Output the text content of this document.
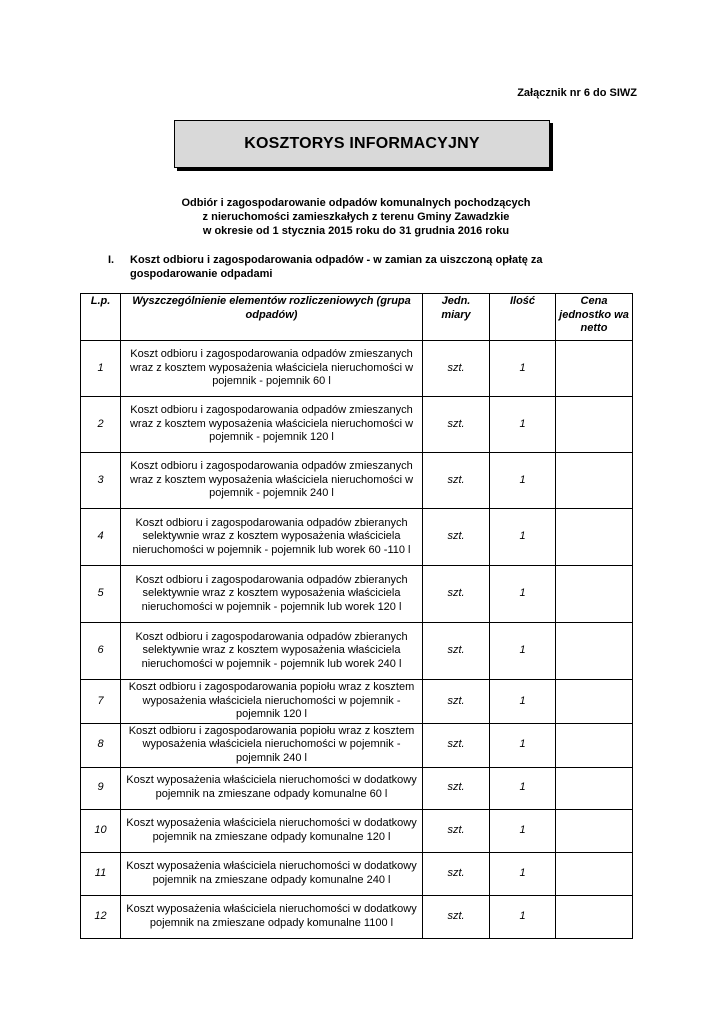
Załącznik nr 6 do SIWZ
KOSZTORYS INFORMACYJNY
Odbiór i zagospodarowanie odpadów komunalnych pochodzących
z nieruchomości zamieszkałych z terenu Gminy Zawadzkie
w okresie od 1 stycznia 2015 roku do 31 grudnia 2016 roku
I.	Koszt odbioru i zagospodarowania odpadów - w zamian za uiszczoną opłatę za gospodarowanie odpadami
L.p.	Wyszczególnienie elementów rozliczeniowych (grupa odpadów)	Jedn. miary	Ilość	Cena jednostko wa netto
1	Koszt odbioru i zagospodarowania odpadów zmieszanych wraz z kosztem wyposażenia właściciela nieruchomości w pojemnik - pojemnik 60 l	szt.	1	
2	Koszt odbioru i zagospodarowania odpadów zmieszanych wraz z kosztem wyposażenia właściciela nieruchomości w pojemnik - pojemnik 120 l	szt.	1	
3	Koszt odbioru i zagospodarowania odpadów zmieszanych wraz z kosztem wyposażenia właściciela nieruchomości w pojemnik - pojemnik 240 l	szt.	1	
4	Koszt odbioru i zagospodarowania odpadów zbieranych selektywnie wraz z kosztem wyposażenia właściciela nieruchomości w pojemnik - pojemnik lub worek 60 -110 l	szt.	1	
5	Koszt odbioru i zagospodarowania odpadów zbieranych selektywnie wraz z kosztem wyposażenia właściciela nieruchomości w pojemnik - pojemnik lub worek 120 l	szt.	1	
6	Koszt odbioru i zagospodarowania odpadów zbieranych selektywnie wraz z kosztem wyposażenia właściciela nieruchomości w pojemnik - pojemnik lub worek 240 l	szt.	1	
7	Koszt odbioru i zagospodarowania popiołu wraz z kosztem wyposażenia właściciela nieruchomości w pojemnik - pojemnik 120 l	szt.	1	
8	Koszt odbioru i zagospodarowania popiołu wraz z kosztem wyposażenia właściciela nieruchomości w pojemnik - pojemnik 240 l	szt.	1	
9	Koszt wyposażenia właściciela nieruchomości w dodatkowy pojemnik na zmieszane odpady komunalne 60 l	szt.	1	
10	Koszt wyposażenia właściciela nieruchomości w dodatkowy pojemnik na zmieszane odpady komunalne 120 l	szt.	1	
11	Koszt wyposażenia właściciela nieruchomości w dodatkowy pojemnik na zmieszane odpady komunalne 240 l	szt.	1	
12	Koszt wyposażenia właściciela nieruchomości w dodatkowy pojemnik na zmieszane odpady komunalne 1100 l	szt.	1	
